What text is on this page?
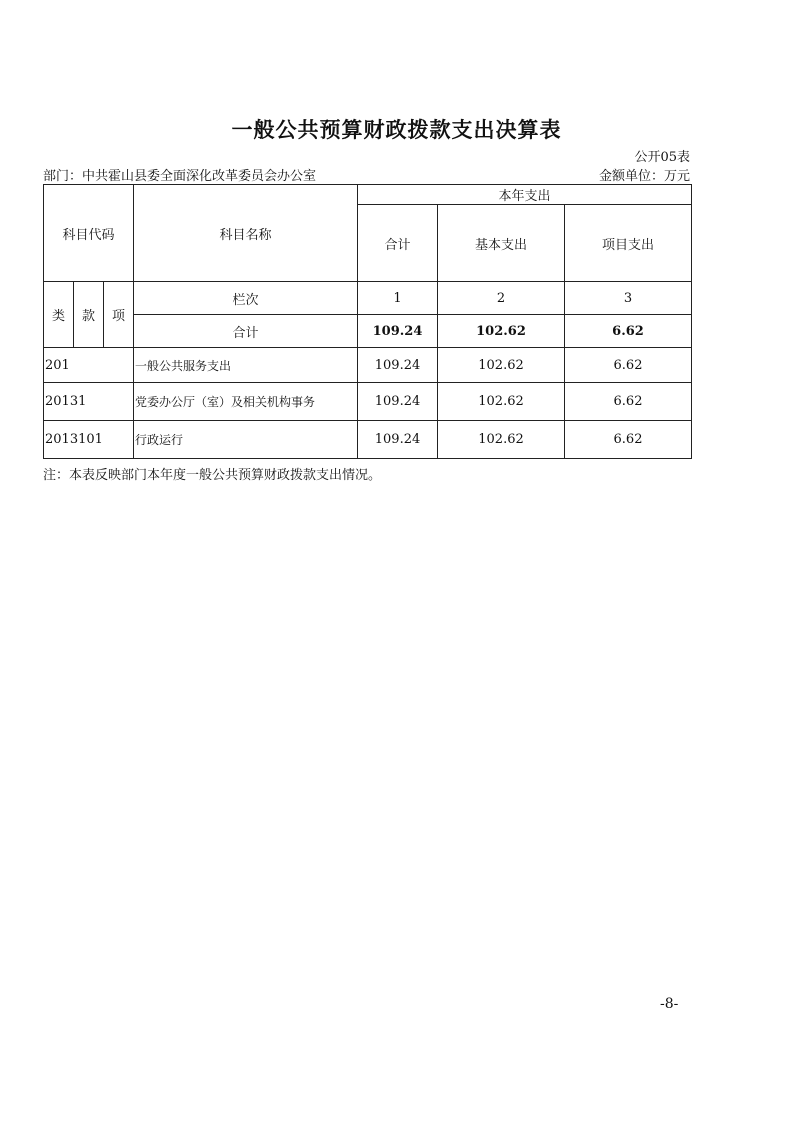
一般公共预算财政拨款支出决算表
公开05表
部门：中共霍山县委全面深化改革委员会办公室	金额单位：万元
科目代码			科目名称	本年支出		
				合计	基本支出	项目支出
类	款	项	栏次	1	2	3
			合计	109.24	102.62	6.62
201			一般公共服务支出	109.24	102.62	6.62
20131			党委办公厅（室）及相关机构事务	109.24	102.62	6.62
2013101			行政运行	109.24	102.62	6.62
注：本表反映部门本年度一般公共预算财政拨款支出情况。
-8-
